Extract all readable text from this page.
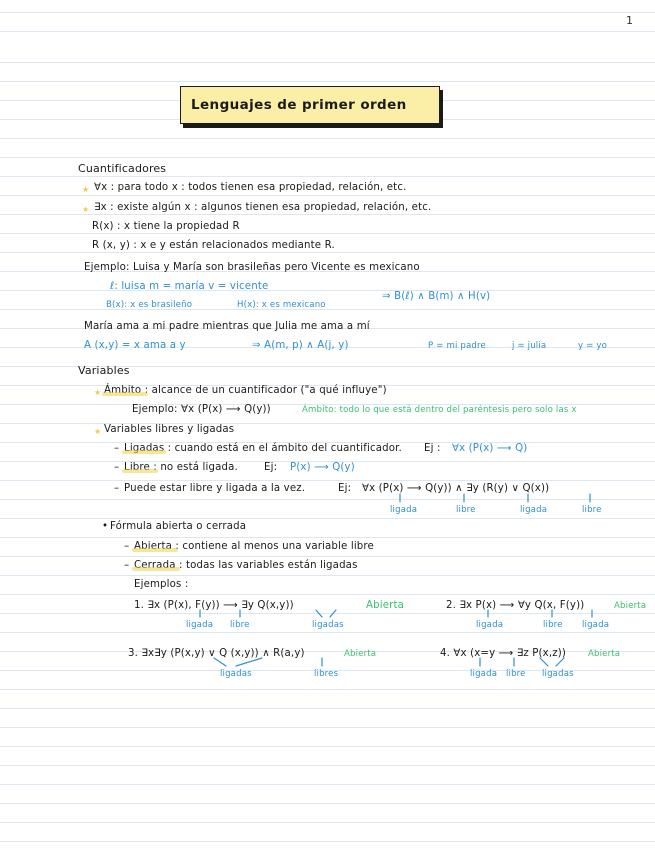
1
Lenguajes de primer orden
Cuantificadores
★ ∀x : para todo x : todos tienen esa propiedad, relación, etc.
★ ∃x : existe algún x : algunos tienen esa propiedad, relación, etc.
R(x) : x tiene la propiedad R
R (x, y) : x e y están relacionados mediante R.
Ejemplo: Luisa y María son brasileñas pero Vicente es mexicano
ℓ: luisa m = maría v = vicente
B(x): x es brasileño	H(x): x es mexicano
⇒ B(ℓ) ∧ B(m) ∧ H(v)
María ama a mi padre mientras que Julia me ama a mí
A (x,y) = x ama a y	⇒ A(m, p) ∧ A(j, y)	P = mi padre	j = julia	y = yo
Variables
★ Ámbito : alcance de un cuantificador ("a qué influye")
Ejemplo: ∀x (P(x) ⟶ Q(y))	Ámbito: todo lo que está dentro del paréntesis pero solo las x
★ Variables libres y ligadas
– Ligadas : cuando está en el ámbito del cuantificador. Ej : ∀x (P(x) ⟶ Q)
– Libre : no está ligada.	Ej: P(x) ⟶ Q(y)
– Puede estar libre y ligada a la vez.	Ej: ∀x (P(x) ⟶ Q(y)) ∧ ∃y (R(y) ∨ Q(x))
ligada	libre	ligada	libre
• Fórmula abierta o cerrada
– Abierta : contiene al menos una variable libre
– Cerrada : todas las variables están ligadas
Ejemplos :
1. ∃x (P(x), F(y)) ⟶ ∃y Q(x,y))	Abierta
ligada libre	ligadas
2. ∃x P(x) ⟶ ∀y Q(x, F(y))	Abierta
ligada	libre ligada
3. ∃x∃y (P(x,y) ∨ Q (x,y)) ∧ R(a,y)	Abierta
ligadas	libres
4. ∀x (x=y ⟶ ∃z P(x,z))	Abierta
ligada libre ligadas
